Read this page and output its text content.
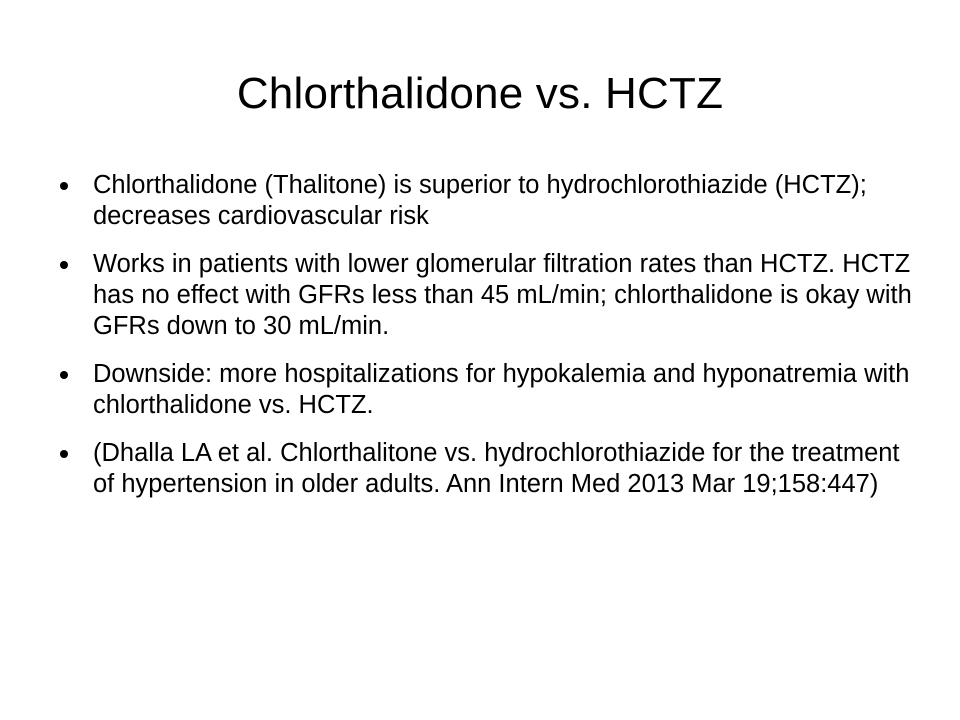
Chlorthalidone vs. HCTZ
Chlorthalidone (Thalitone) is superior to hydrochlorothiazide (HCTZ); decreases cardiovascular risk
Works in patients with lower glomerular filtration rates than HCTZ. HCTZ has no effect with GFRs less than 45 mL/min; chlorthalidone is okay with GFRs down to 30 mL/min.
Downside: more hospitalizations for hypokalemia and hyponatremia with chlorthalidone vs. HCTZ.
(Dhalla LA et al. Chlorthalitone vs. hydrochlorothiazide for the treatment of hypertension in older adults. Ann Intern Med 2013 Mar 19;158:447)
